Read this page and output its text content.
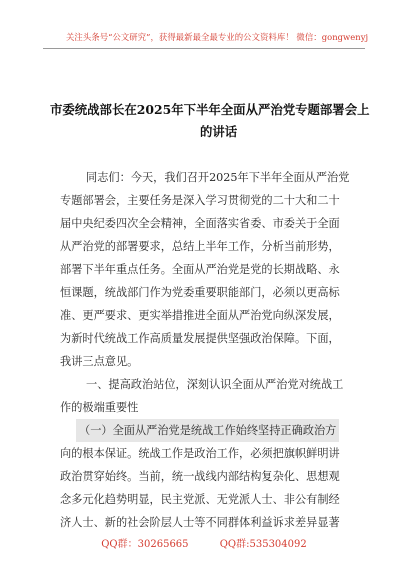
关注头条号“公文研究”，获得最新最全最专业的公文资料库！ 微信：gongwenyj
市委统战部长在2025年下半年全面从严治党专题部署会上
的讲话
同志们：今天，我们召开2025年下半年全面从严治党
专题部署会，主要任务是深入学习贯彻党的二十大和二十
届中央纪委四次全会精神，全面落实省委、市委关于全面
从严治党的部署要求，总结上半年工作，分析当前形势，
部署下半年重点任务。全面从严治党是党的长期战略、永
恒课题，统战部门作为党委重要职能部门，必须以更高标
准、更严要求、更实举措推进全面从严治党向纵深发展，
为新时代统战工作高质量发展提供坚强政治保障。下面，
我讲三点意见。
一、提高政治站位，深刻认识全面从严治党对统战工
作的极端重要性
（一）全面从严治党是统战工作始终坚持正确政治方
向的根本保证。统战工作是政治工作，必须把旗帜鲜明讲
政治贯穿始终。当前，统一战线内部结构复杂化、思想观
念多元化趋势明显，民主党派、无党派人士、非公有制经
济人士、新的社会阶层人士等不同群体利益诉求差异显著
QQ群：30265665	QQ群:535304092
